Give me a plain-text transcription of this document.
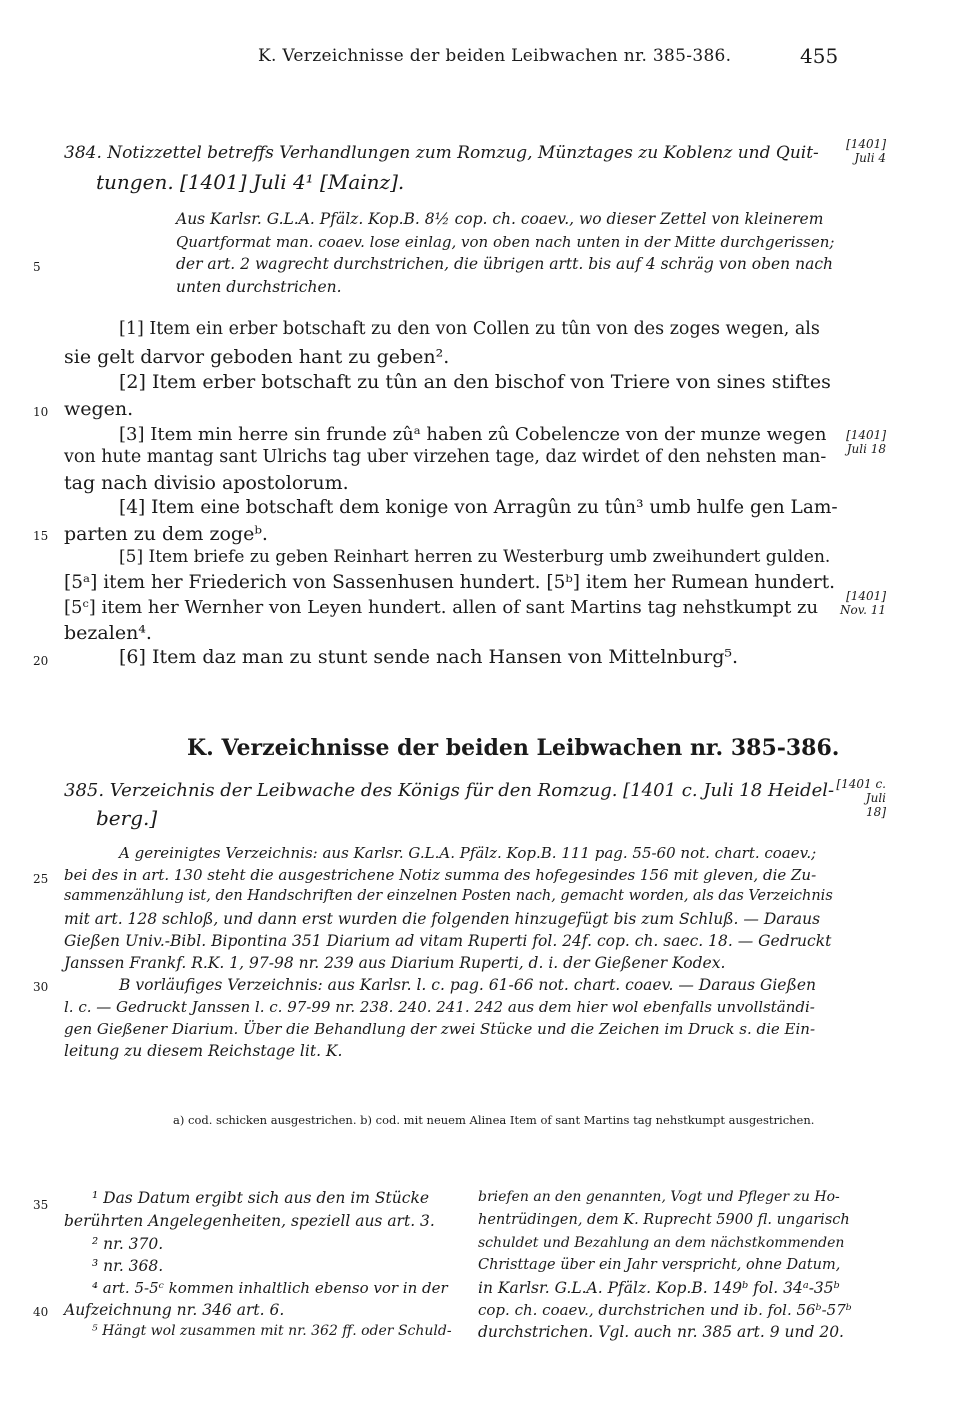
K. Verzeichnisse der beiden Leibwachen nr. 385-386.	455
384. Notizzettel betreffs Verhandlungen zum Romzug, Münztages zu Koblenz und Quit-
tungen. [1401] Juli 4¹ [Mainz].
[1401]
Juli 4
Aus Karlsr. G.L.A. Pfälz. Kop.B. 8½ cop. ch. coaev., wo dieser Zettel von kleinerem
Quartformat man. coaev. lose einlag, von oben nach unten in der Mitte durchgerissen;
der art. 2 wagrecht durchstrichen, die übrigen artt. bis auf 4 schräg von oben nach
unten durchstrichen.
5
[1] Item ein erber botschaft zu den von Collen zu tûn von des zoges wegen, als
sie gelt darvor geboden hant zu geben².
[2] Item erber botschaft zu tûn an den bischof von Triere von sines stiftes
wegen.
10
[3] Item min herre sin frunde zûᵃ haben zû Cobelencze von der munze wegen
von hute mantag sant Ulrichs tag uber virzehen tage, daz wirdet of den nehsten man-
tag nach divisio apostolorum.
[4] Item eine botschaft dem konige von Arragûn zu tûn³ umb hulfe gen Lam-
parten zu dem zogeᵇ.
15
[5] Item briefe zu geben Reinhart herren zu Westerburg umb zweihundert gulden.
[5ᵃ] item her Friederich von Sassenhusen hundert. [5ᵇ] item her Rumean hundert.
[5ᶜ] item her Wernher von Leyen hundert. allen of sant Martins tag nehstkumpt zu
bezalen⁴.
[6] Item daz man zu stunt sende nach Hansen von Mittelnburg⁵.
20
[1401]
Juli 18
[1401]
Nov. 11
K. Verzeichnisse der beiden Leibwachen nr. 385-386.
385. Verzeichnis der Leibwache des Königs für den Romzug. [1401 c. Juli 18 Heidel-
berg.]
[1401 c. Juli
18]
A gereinigtes Verzeichnis: aus Karlsr. G.L.A. Pfälz. Kop.B. 111 pag. 55-60 not. chart. coaev.;
bei des in art. 130 steht die ausgestrichene Notiz summa des hofegesindes 156 mit gleven, die Zu-
25
sammenzählung ist, den Handschriften der einzelnen Posten nach, gemacht worden, als das Verzeichnis
mit art. 128 schloß, und dann erst wurden die folgenden hinzugefügt bis zum Schluß. — Daraus
Gießen Univ.-Bibl. Bipontina 351 Diarium ad vitam Ruperti fol. 24f. cop. ch. saec. 18. — Gedruckt
Janssen Frankf. R.K. 1, 97-98 nr. 239 aus Diarium Ruperti, d. i. der Gießener Kodex.
B vorläufiges Verzeichnis: aus Karlsr. l. c. pag. 61-66 not. chart. coaev. — Daraus Gießen
30
l. c. — Gedruckt Janssen l. c. 97-99 nr. 238. 240. 241. 242 aus dem hier wol ebenfalls unvollständi-
gen Gießener Diarium. Über die Behandlung der zwei Stücke und die Zeichen im Druck s. die Ein-
leitung zu diesem Reichstage lit. K.
a) cod. schicken ausgestrichen. b) cod. mit neuem Alinea Item of sant Martins tag nehstkumpt ausgestrichen.
¹ Das Datum ergibt sich aus den im Stücke
35
berührten Angelegenheiten, speziell aus art. 3.
² nr. 370.
³ nr. 368.
⁴ art. 5-5ᶜ kommen inhaltlich ebenso vor in der
Aufzeichnung nr. 346 art. 6.
40
⁵ Hängt wol zusammen mit nr. 362 ff. oder Schuld-
briefen an den genannten, Vogt und Pfleger zu Ho-
hentrüdingen, dem K. Ruprecht 5900 fl. ungarisch
schuldet und Bezahlung an dem nächstkommenden
Christtage über ein Jahr verspricht, ohne Datum,
in Karlsr. G.L.A. Pfälz. Kop.B. 149ᵇ fol. 34ᵃ-35ᵇ
cop. ch. coaev., durchstrichen und ib. fol. 56ᵇ-57ᵇ
durchstrichen. Vgl. auch nr. 385 art. 9 und 20.
